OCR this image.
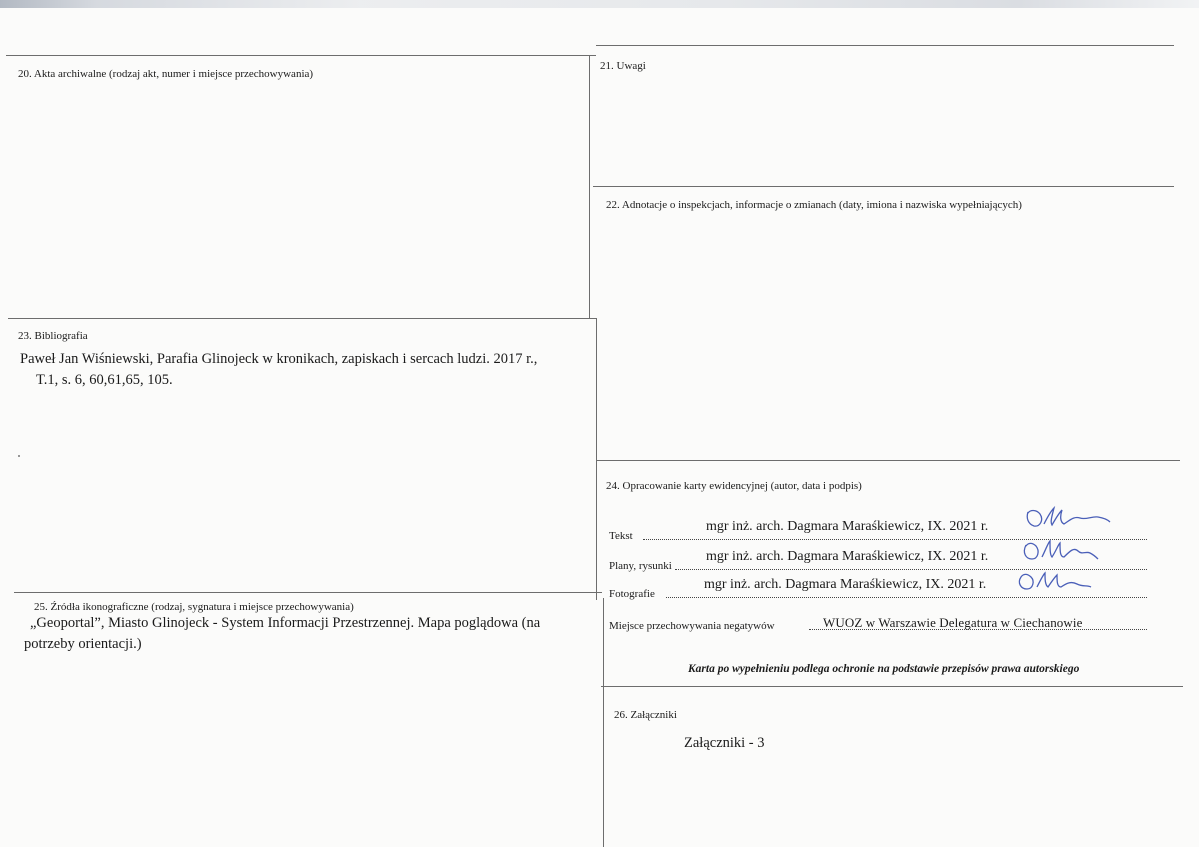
20. Akta archiwalne (rodzaj akt, numer i miejsce przechowywania)
21. Uwagi
22. Adnotacje o inspekcjach, informacje o zmianach (daty, imiona i nazwiska wypełniających)
23. Bibliografia
Paweł Jan Wiśniewski, Parafia Glinojeck w kronikach, zapiskach i sercach ludzi. 2017 r.,
T.1, s. 6, 60,61,65, 105.
24. Opracowanie karty ewidencyjnej (autor, data i podpis)
Tekst
mgr inż. arch. Dagmara Maraśkiewicz, IX. 2021 r.
Plany, rysunki
mgr inż. arch. Dagmara Maraśkiewicz, IX. 2021 r.
Fotografie
mgr inż. arch. Dagmara Maraśkiewicz, IX. 2021 r.
Miejsce przechowywania negatywów	WUOZ w Warszawie Delegatura w Ciechanowie
Karta po wypełnieniu podlega ochronie na podstawie przepisów prawa autorskiego
25. Źródła ikonograficzne (rodzaj, sygnatura i miejsce przechowywania)
„Geoportal”, Miasto Glinojeck - System Informacji Przestrzennej. Mapa poglądowa (na
potrzeby orientacji.)
26. Załączniki
Załączniki - 3
